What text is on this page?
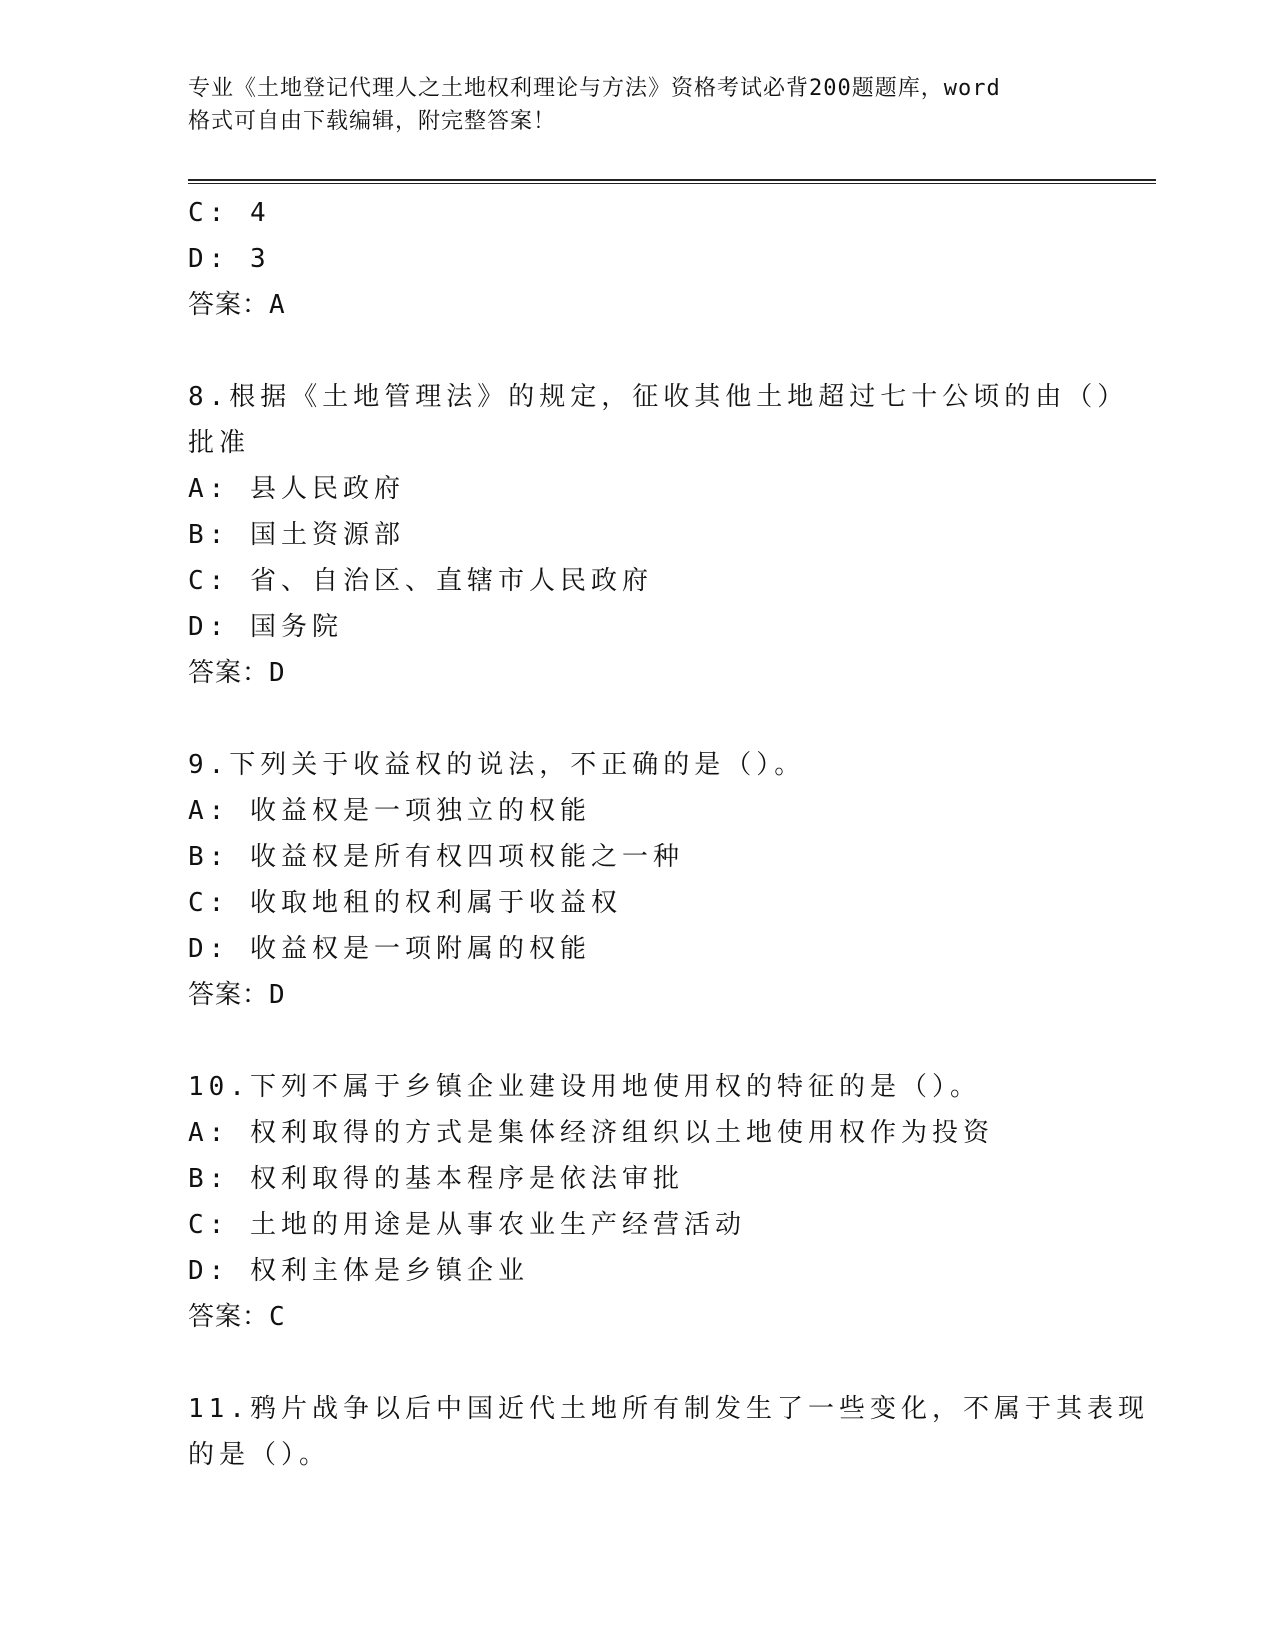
专业《土地登记代理人之土地权利理论与方法》资格考试必背200题题库，word
格式可自由下载编辑，附完整答案！
C: 4
D: 3
答案：A
8.根据《土地管理法》的规定，征收其他土地超过七十公顷的由（）
批准
A: 县人民政府
B: 国土资源部
C: 省、自治区、直辖市人民政府
D: 国务院
答案：D
9.下列关于收益权的说法，不正确的是（）。
A: 收益权是一项独立的权能
B: 收益权是所有权四项权能之一种
C: 收取地租的权利属于收益权
D: 收益权是一项附属的权能
答案：D
10.下列不属于乡镇企业建设用地使用权的特征的是（）。
A: 权利取得的方式是集体经济组织以土地使用权作为投资
B: 权利取得的基本程序是依法审批
C: 土地的用途是从事农业生产经营活动
D: 权利主体是乡镇企业
答案：C
11.鸦片战争以后中国近代土地所有制发生了一些变化，不属于其表现
的是（）。
